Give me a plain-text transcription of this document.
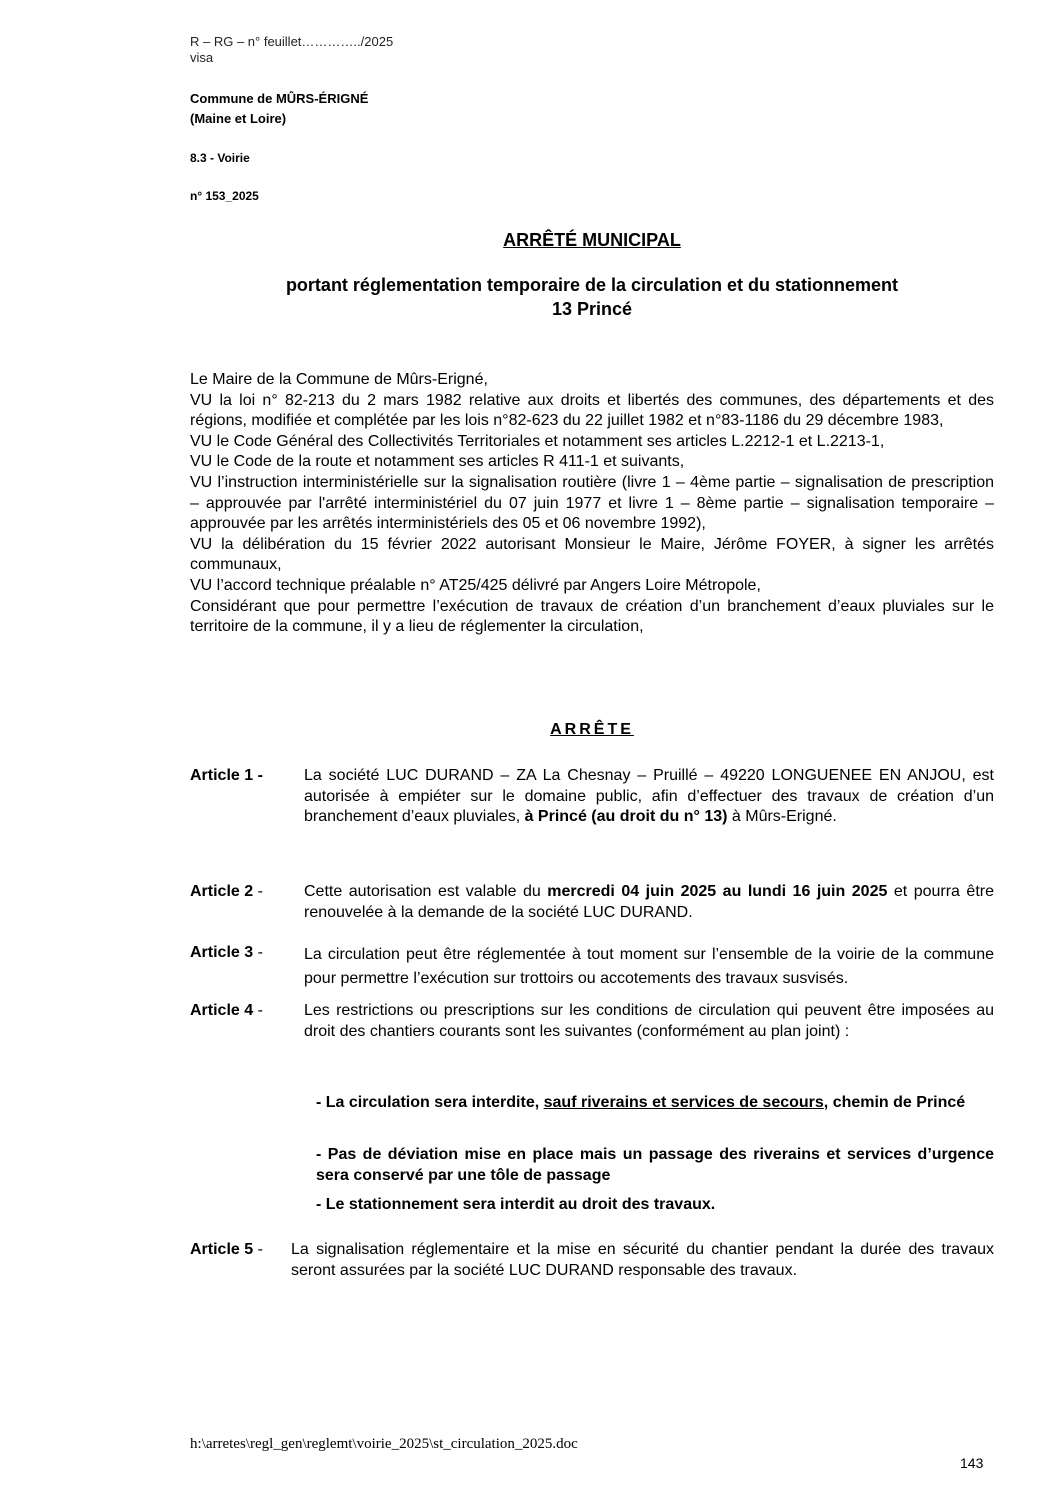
R – RG – n° feuillet…………../2025
visa
Commune de MÛRS-ÉRIGNÉ
(Maine et Loire)
8.3 - Voirie
n° 153_2025
ARRÊTÉ MUNICIPAL
portant réglementation temporaire de la circulation et du stationnement
13 Princé

Le Maire de la Commune de Mûrs-Erigné,

VU la loi n° 82-213 du 2 mars 1982 relative aux droits et libertés des communes, des départements et des régions, modifiée et complétée par les lois n°82-623 du 22 juillet 1982 et n°83-1186 du 29 décembre 1983,

VU le Code Général des Collectivités Territoriales et notamment ses articles L.2212-1 et L.2213-1,

VU le Code de la route et notamment ses articles R 411-1 et suivants,

VU l’instruction interministérielle sur la signalisation routière (livre 1 – 4ème partie – signalisation de prescription – approuvée par l'arrêté interministériel du 07 juin 1977 et livre 1 – 8ème partie – signalisation temporaire – approuvée par les arrêtés interministériels des 05 et 06 novembre 1992),

VU la délibération du 15 février 2022 autorisant Monsieur le Maire, Jérôme FOYER, à signer les arrêtés communaux,

VU l’accord technique préalable n° AT25/425 délivré par Angers Loire Métropole,

Considérant que pour permettre l’exécution de travaux de création d’un branchement d’eaux pluviales sur le territoire de la commune, il y a lieu de réglementer la circulation,

ARRÊTE
Article 1 -	La société LUC DURAND – ZA La Chesnay – Pruillé – 49220 LONGUENEE EN ANJOU, est autorisée à empiéter sur le domaine public, afin d’effectuer des travaux de création d’un branchement d’eaux pluviales, à Princé (au droit du n° 13) à Mûrs-Erigné.

Article 2 -	Cette autorisation est valable du mercredi 04 juin 2025 au lundi 16 juin 2025 et pourra être renouvelée à la demande de la société LUC DURAND.

Article 3 -	La circulation peut être réglementée à tout moment sur l’ensemble de la voirie de la commune pour permettre l’exécution sur trottoirs ou accotements des travaux susvisés.

Article 4 -	Les restrictions ou prescriptions sur les conditions de circulation qui peuvent être imposées au droit des chantiers courants sont les suivantes (conformément au plan joint) :

- La circulation sera interdite, sauf riverains et services de secours, chemin de Princé

- Pas de déviation mise en place mais un passage des riverains et services d’urgence sera conservé par une tôle de passage

- Le stationnement sera interdit au droit des travaux.

Article 5 - La signalisation réglementaire et la mise en sécurité du chantier pendant la durée des travaux seront assurées par la société LUC DURAND responsable des travaux.

h:\arretes\regl_gen\reglemt\voirie_2025\st_circulation_2025.doc
143
